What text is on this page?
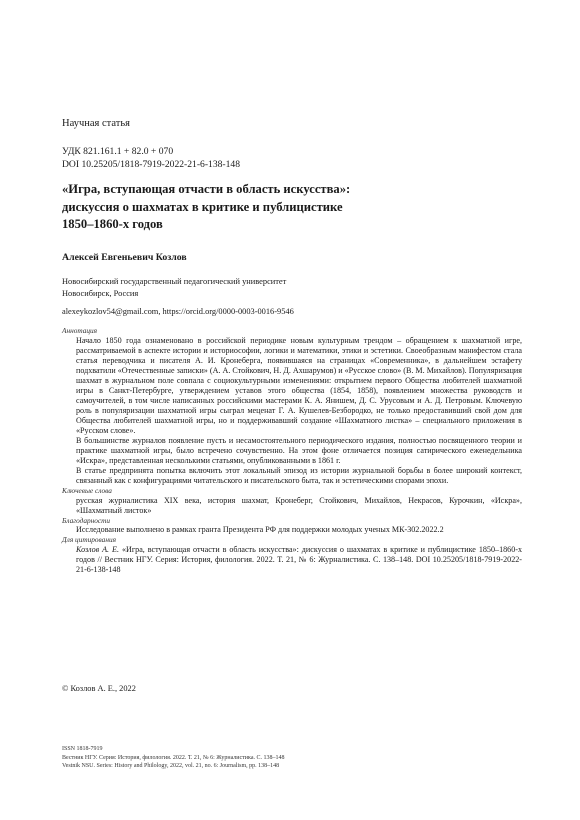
Научная статья
УДК 821.161.1 + 82.0 + 070
DOI 10.25205/1818-7919-2022-21-6-138-148
«Игра, вступающая отчасти в область искусства»:
дискуссия о шахматах в критике и публицистике
1850–1860-х годов
Алексей Евгеньевич Козлов
Новосибирский государственный педагогический университет
Новосибирск, Россия
alexeykozlov54@gmail.com, https://orcid.org/0000-0003-0016-9546
Аннотация

Начало 1850 года ознаменовано в российской периодике новым культурным трендом – обращением к шахматной игре, рассматриваемой в аспекте истории и историософии, логики и математики, этики и эстетики. Своеобразным манифестом стала статья переводчика и писателя А. И. Кронеберга, появившаяся на страницах «Современника», в дальнейшем эстафету подхватили «Отечественные записки» (А. А. Стойкович, Н. Д. Ахшарумов) и «Русское слово» (В. М. Михайлов). Популяризация шахмат в журнальном поле совпала с социокультурными изменениями: открытием первого Общества любителей шахматной игры в Санкт-Петербурге, утверждением уставов этого общества (1854, 1858), появлением множества руководств и самоучителей, в том числе написанных российскими мастерами К. А. Янишем, Д. С. Урусовым и А. Д. Петровым. Ключевую роль в популяризации шахматной игры сыграл меценат Г. А. Кушелев-Безбородко, не только предоставивший свой дом для Общества любителей шахматной игры, но и поддерживавший создание «Шахматного листка» – специального приложения в «Русском слове».

В большинстве журналов появление пусть и несамостоятельного периодического издания, полностью посвященного теории и практике шахматной игры, было встречено сочувственно. На этом фоне отличается позиция сатирического еженедельника «Искра», представленная несколькими статьями, опубликованными в 1861 г.

В статье предпринята попытка включить этот локальный эпизод из истории журнальной борьбы в более широкий контекст, связанный как с конфигурациями читательского и писательского быта, так и эстетическими спорами эпохи.

Ключевые слова
русская журналистика XIX века, история шахмат, Кронеберг, Стойкович, Михайлов, Некрасов, Курочкин, «Искра», «Шахматный листок»
Благодарности
Исследование выполнено в рамках гранта Президента РФ для поддержки молодых ученых МК-302.2022.2
Для цитирования
Козлов А. Е. «Игра, вступающая отчасти в область искусства»: дискуссия о шахматах в критике и публицистике 1850–1860-х годов // Вестник НГУ. Серия: История, филология. 2022. Т. 21, № 6: Журналистика. С. 138–148. DOI 10.25205/1818-7919-2022-21-6-138-148
© Козлов А. Е., 2022
ISSN 1818-7919
Вестник НГУ. Серия: История, филология. 2022. Т. 21, № 6: Журналистика. С. 138–148
Vestnik NSU. Series: History and Philology, 2022, vol. 21, no. 6: Journalism, pp. 138–148
